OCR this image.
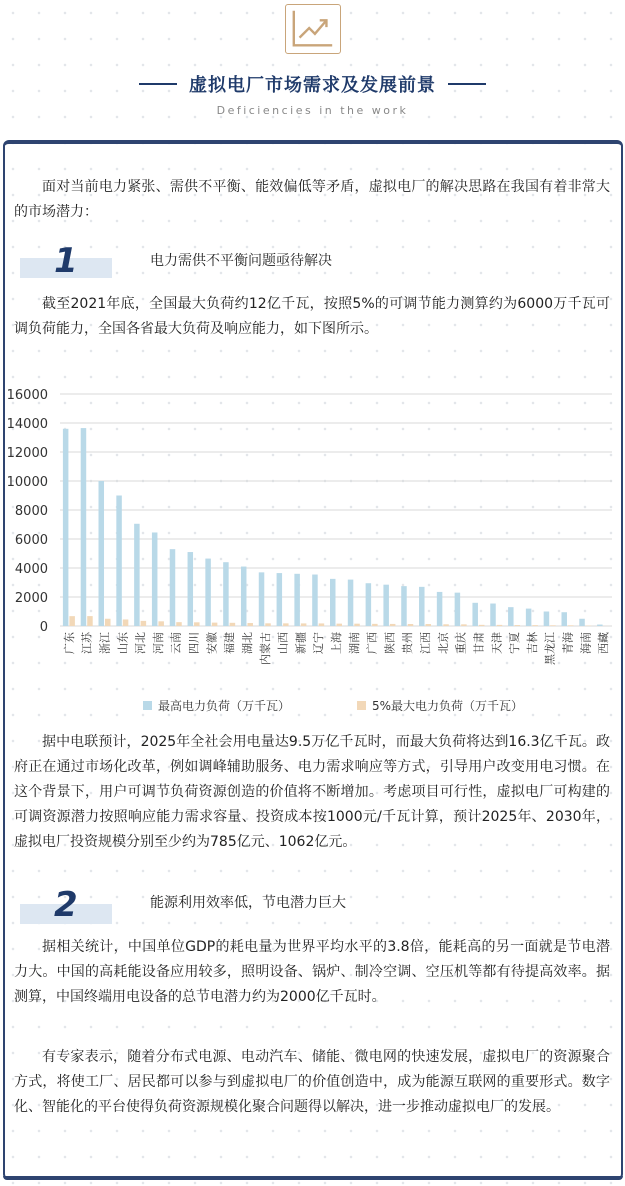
虚拟电厂市场需求及发展前景
Deficiencies in the work

面对当前电力紧张、需供不平衡、能效偏低等矛盾，虚拟电厂的解决思路在我国有着非常大的市场潜力：

1	电力需供不平衡问题亟待解决

截至2021年底，全国最大负荷约12亿千瓦，按照5%的可调节能力测算约为6000万千瓦可调负荷能力，全国各省最大负荷及响应能力，如下图所示。

0
2000
4000
6000
8000
10000
12000
14000
16000
广东 江苏 浙江 山东 河北 河南 云南 四川 安徽 福建 湖北 内蒙古 山西 新疆 辽宁 上海 湖南 广西 陕西 贵州 江西 北京 重庆 甘肃 天津 宁夏 吉林 黑龙江 青海 海南 西藏
最高电力负荷（万千瓦）	5%最大电力负荷（万千瓦）

据中电联预计，2025年全社会用电量达9.5万亿千瓦时，而最大负荷将达到16.3亿千瓦。政府正在通过市场化改革，例如调峰辅助服务、电力需求响应等方式，引导用户改变用电习惯。在这个背景下，用户可调节负荷资源创造的价值将不断增加。考虑项目可行性，虚拟电厂可构建的可调资源潜力按照响应能力需求容量、投资成本按1000元/千瓦计算，预计2025年、2030年，虚拟电厂投资规模分别至少约为785亿元、1062亿元。

2	能源利用效率低，节电潜力巨大

据相关统计，中国单位GDP的耗电量为世界平均水平的3.8倍，能耗高的另一面就是节电潜力大。中国的高耗能设备应用较多，照明设备、锅炉、制冷空调、空压机等都有待提高效率。据测算，中国终端用电设备的总节电潜力约为2000亿千瓦时。

有专家表示，随着分布式电源、电动汽车、储能、微电网的快速发展，虚拟电厂的资源聚合方式，将使工厂、居民都可以参与到虚拟电厂的价值创造中，成为能源互联网的重要形式。数字化、智能化的平台使得负荷资源规模化聚合问题得以解决，进一步推动虚拟电厂的发展。
